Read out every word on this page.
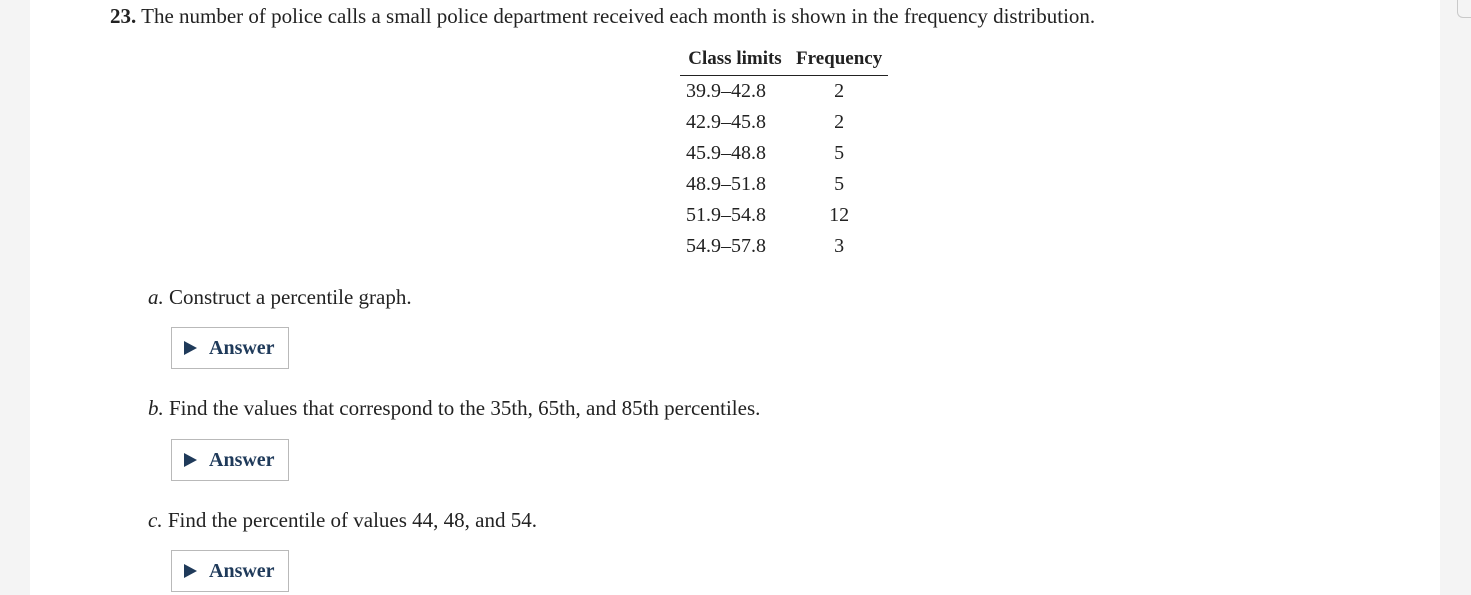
23. The number of police calls a small police department received each month is shown in the frequency distribution.
Class limits	Frequency
39.9–42.8	2
42.9–45.8	2
45.9–48.8	5
48.9–51.8	5
51.9–54.8	12
54.9–57.8	3
a. Construct a percentile graph.
Answer
b. Find the values that correspond to the 35th, 65th, and 85th percentiles.
Answer
c. Find the percentile of values 44, 48, and 54.
Answer
